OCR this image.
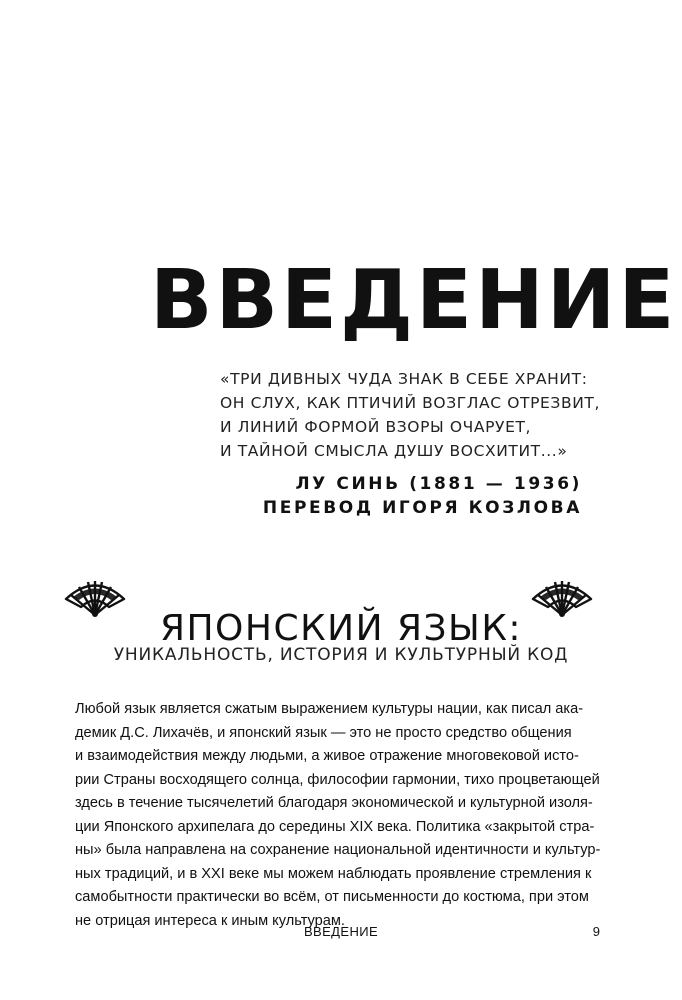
ВВЕДЕНИЕ
«ТРИ ДИВНЫХ ЧУДА ЗНАК В СЕБЕ ХРАНИТ:
ОН СЛУХ, КАК ПТИЧИЙ ВОЗГЛАС ОТРЕЗВИТ,
И ЛИНИЙ ФОРМОЙ ВЗОРЫ ОЧАРУЕТ,
И ТАЙНОЙ СМЫСЛА ДУШУ ВОСХИТИТ...»
ЛУ СИНЬ (1881 — 1936)
ПЕРЕВОД ИГОРЯ КОЗЛОВА
ЯПОНСКИЙ ЯЗЫК:
УНИКАЛЬНОСТЬ, ИСТОРИЯ И КУЛЬТУРНЫЙ КОД
Любой язык является сжатым выражением культуры нации, как писал ака-
демик Д.С. Лихачёв, и японский язык — это не просто средство общения
и взаимодействия между людьми, а живое отражение многовековой исто-
рии Страны восходящего солнца, философии гармонии, тихо процветающей
здесь в течение тысячелетий благодаря экономической и культурной изоля-
ции Японского архипелага до середины XIX века. Политика «закрытой стра-
ны» была направлена на сохранение национальной идентичности и культур-
ных традиций, и в XXI веке мы можем наблюдать проявление стремления к
самобытности практически во всём, от письменности до костюма, при этом
не отрицая интереса к иным культурам.
ВВЕДЕНИЕ	9
